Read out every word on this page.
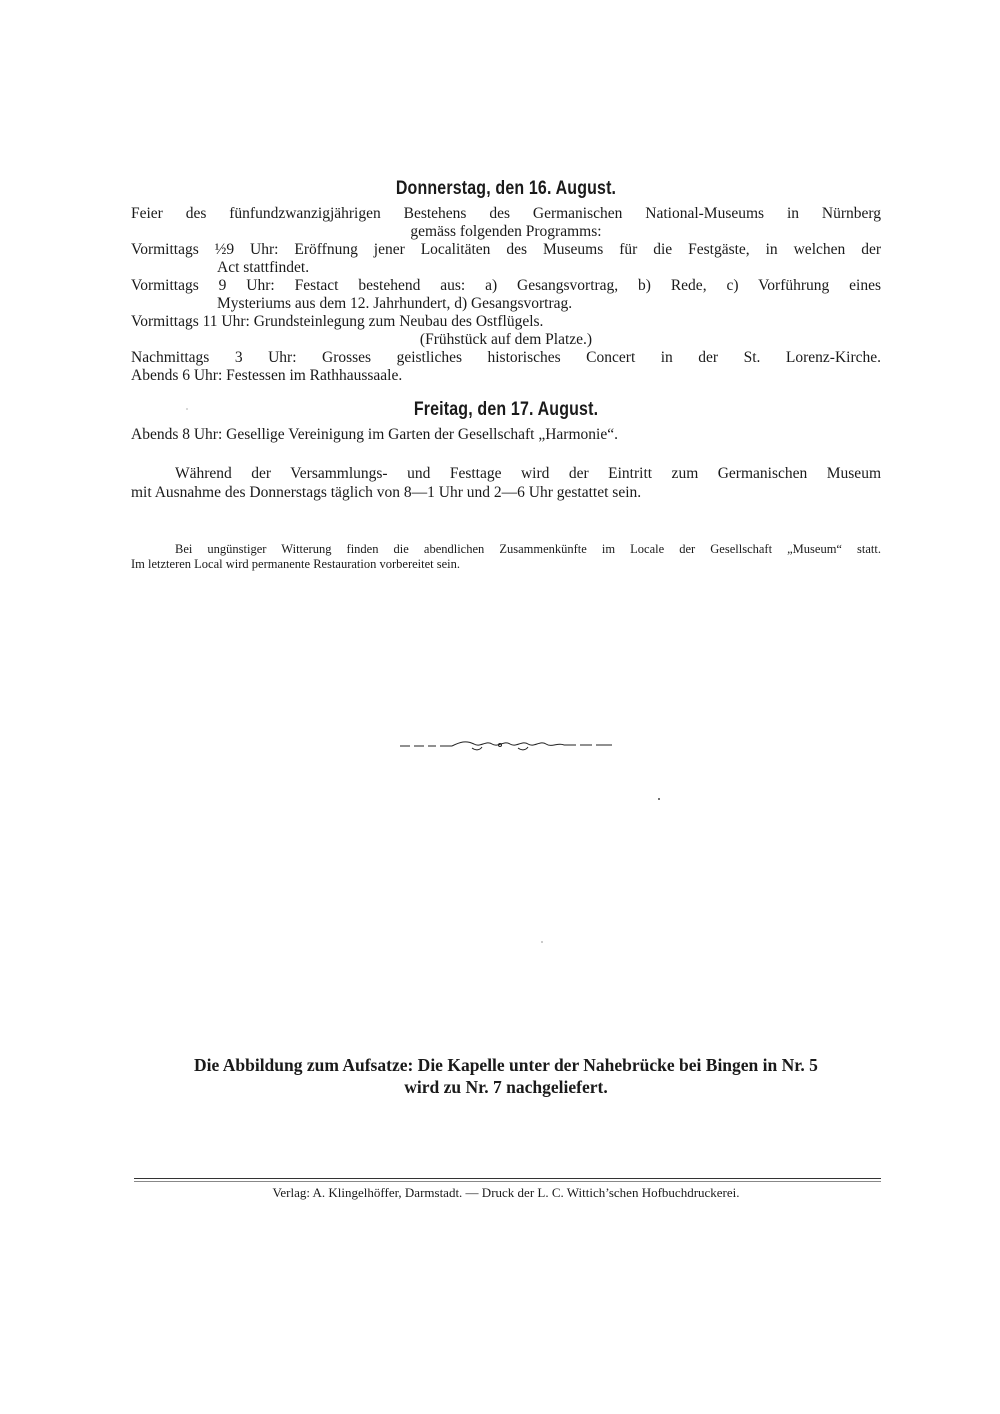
Donnerstag, den 16. August.
Feier des fünfundzwanzigjährigen Bestehens des Germanischen National-Museums in Nürnberg
gemäss folgenden Programms:
Vormittags ½9 Uhr: Eröffnung jener Localitäten des Museums für die Festgäste, in welchen der
Act stattfindet.
Vormittags 9 Uhr: Festact bestehend aus: a) Gesangsvortrag, b) Rede, c) Vorführung eines
Mysteriums aus dem 12. Jahrhundert, d) Gesangsvortrag.
Vormittags 11 Uhr: Grundsteinlegung zum Neubau des Ostflügels.
(Frühstück auf dem Platze.)
Nachmittags 3 Uhr: Grosses geistliches historisches Concert in der St. Lorenz-Kirche.
Abends 6 Uhr: Festessen im Rathhaussaale.
Freitag, den 17. August.
Abends 8 Uhr: Gesellige Vereinigung im Garten der Gesellschaft „Harmonie“.
Während der Versammlungs- und Festtage wird der Eintritt zum Germanischen Museum
mit Ausnahme des Donnerstags täglich von 8—1 Uhr und 2—6 Uhr gestattet sein.
Bei ungünstiger Witterung finden die abendlichen Zusammenkünfte im Locale der Gesellschaft „Museum“ statt.
Im letzteren Local wird permanente Restauration vorbereitet sein.
Die Abbildung zum Aufsatze: Die Kapelle unter der Nahebrücke bei Bingen in Nr. 5
wird zu Nr. 7 nachgeliefert.
Verlag: A. Klingelhöffer, Darmstadt. — Druck der L. C. Wittich’schen Hofbuchdruckerei.
